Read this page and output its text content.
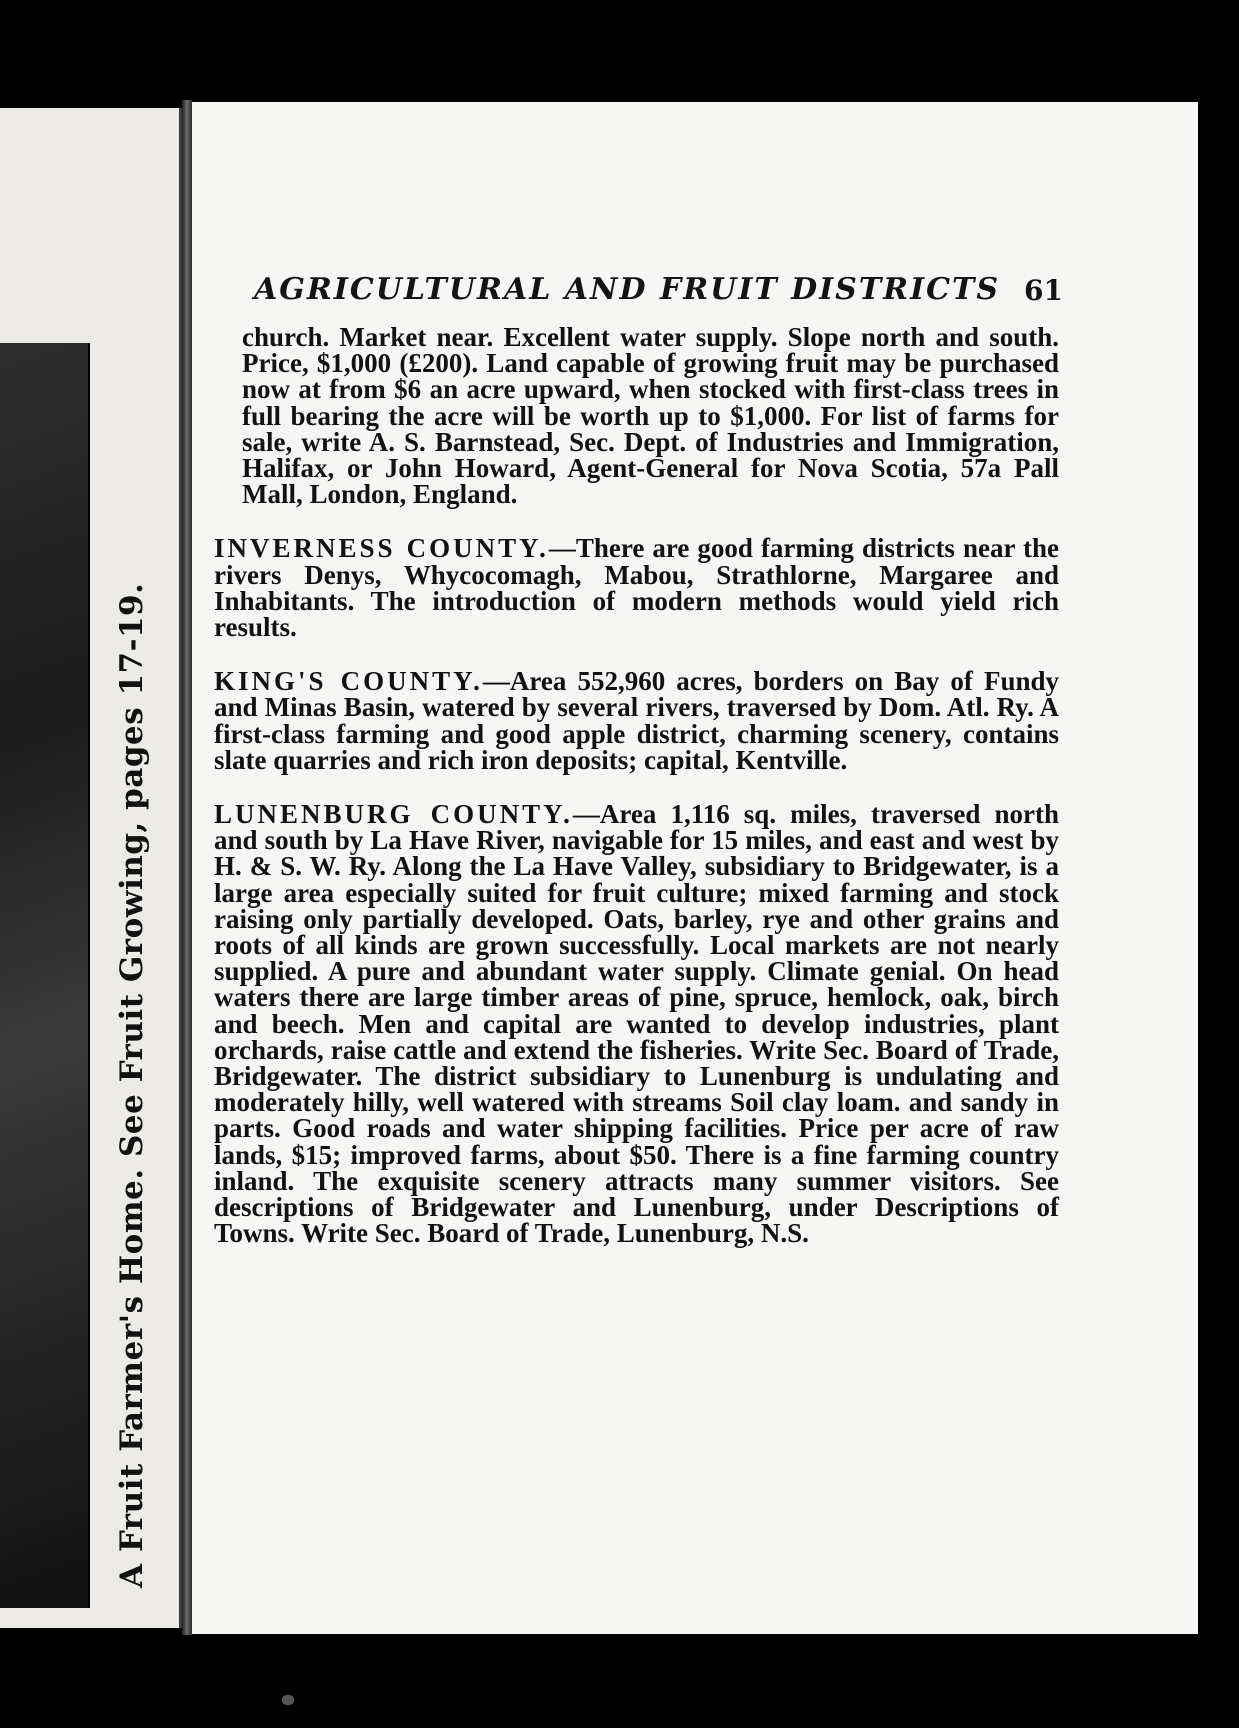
A Fruit Farmer's Home. See Fruit Growing, pages 17-19.
AGRICULTURAL AND FRUIT DISTRICTS 61

church. Market near. Excellent water supply. Slope north and south. Price, $1,000 (£200). Land capable of growing fruit may be purchased now at from $6 an acre upward, when stocked with first-class trees in full bearing the acre will be worth up to $1,000. For list of farms for sale, write A. S. Barnstead, Sec. Dept. of Industries and Immigration, Halifax, or John Howard, Agent-General for Nova Scotia, 57a Pall Mall, London, England.

INVERNESS COUNTY.—There are good farming districts near the rivers Denys, Whycocomagh, Mabou, Strathlorne, Margaree and Inhabitants. The introduction of modern methods would yield rich results.

KING'S COUNTY.—Area 552,960 acres, borders on Bay of Fundy and Minas Basin, watered by several rivers, traversed by Dom. Atl. Ry. A first-class farming and good apple district, charming scenery, contains slate quarries and rich iron deposits; capital, Kentville.

LUNENBURG COUNTY.—Area 1,116 sq. miles, traversed north and south by La Have River, navigable for 15 miles, and east and west by H. & S. W. Ry. Along the La Have Valley, subsidiary to Bridgewater, is a large area especially suited for fruit culture; mixed farming and stock raising only partially developed. Oats, barley, rye and other grains and roots of all kinds are grown successfully. Local markets are not nearly supplied. A pure and abundant water supply. Climate genial. On head waters there are large timber areas of pine, spruce, hemlock, oak, birch and beech. Men and capital are wanted to develop industries, plant orchards, raise cattle and extend the fisheries. Write Sec. Board of Trade, Bridgewater. The district subsidiary to Lunenburg is undulating and moderately hilly, well watered with streams Soil clay loam. and sandy in parts. Good roads and water shipping facilities. Price per acre of raw lands, $15; improved farms, about $50. There is a fine farming country inland. The exquisite scenery attracts many summer visitors. See descriptions of Bridgewater and Lunenburg, under Descriptions of Towns. Write Sec. Board of Trade, Lunenburg, N.S.
